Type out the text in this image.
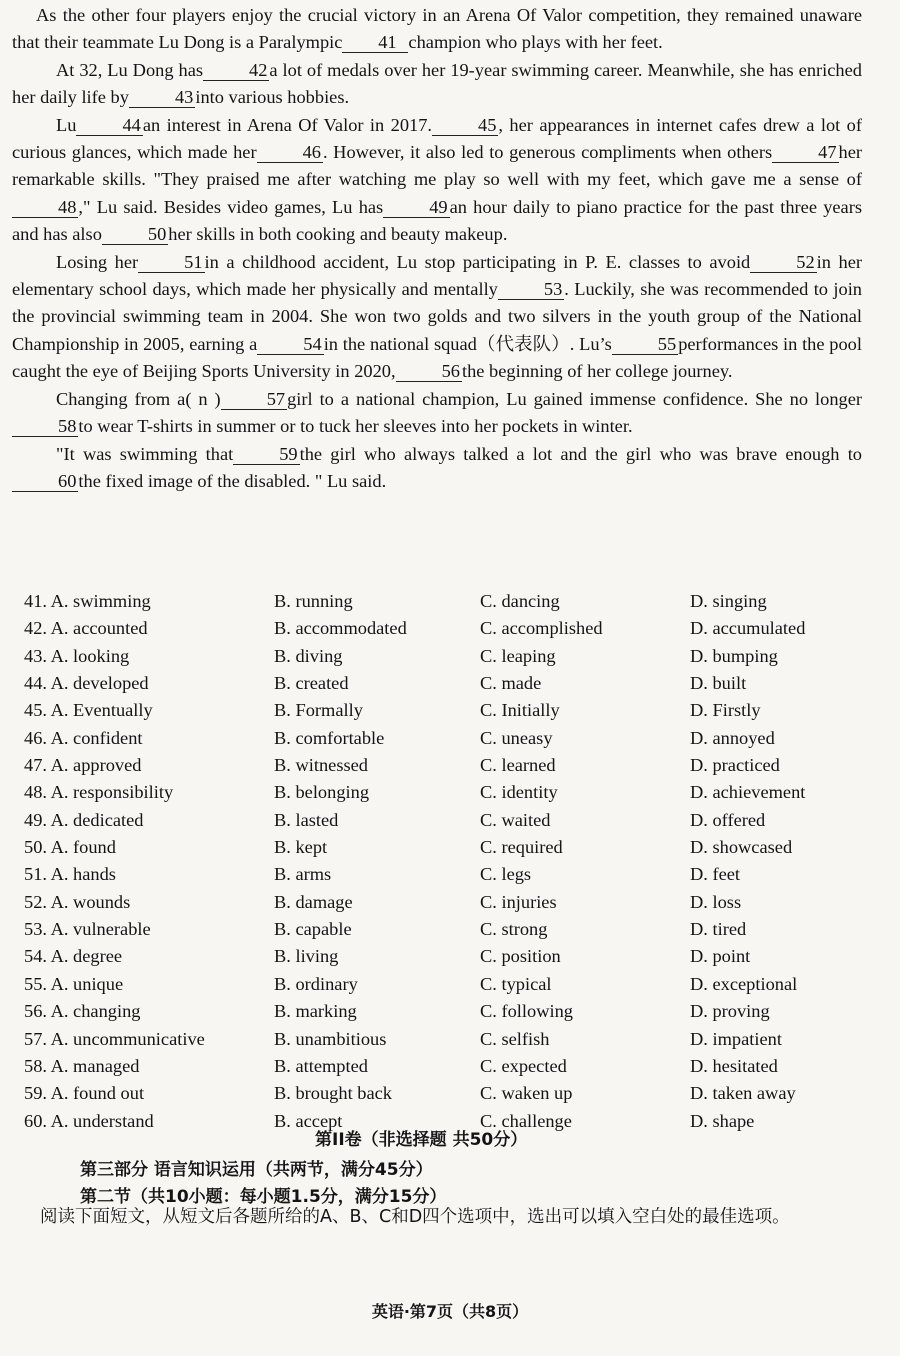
As the other four players enjoy the crucial victory in an Arena Of Valor competition, they remained unaware that their teammate Lu Dong is a Paralympic 41 champion who plays with her feet.

At 32, Lu Dong has	42 a lot of medals over her 19-year swimming career. Meanwhile, she has enriched her daily life by	43 into various hobbies.

Lu	44 an interest in Arena Of Valor in 2017.	45 , her appearances in internet cafes drew a lot of curious glances, which made her	46 . However, it also led to generous compliments when others	47 her remarkable skills. "They praised me after watching me play so well with my feet, which gave me a sense of48 ," Lu said. Besides video games, Lu has	49 an hour daily to piano practice for the past three years and has also	50 her skills in both cooking and beauty makeup.

Losing her	51 in a childhood accident, Lu stop participating in P. E. classes to avoid	52 in her elementary school days, which made her physically and mentally	53 . Luckily, she was recommended to join the provincial swimming team in 2004. She won two golds and two silvers in the youth group of the National Championship in 2005, earning a	54 in the national squad（代表队）. Lu’s	55 performances in the pool caught the eye of Beijing Sports University in 2020,	56 the beginning of her college journey.

Changing from a( n )	57 girl to a national champion, Lu gained immense confidence. She no longer58 to wear T-shirts in summer or to tuck her sleeves into her pockets in winter.

"It was swimming that	59 the girl who always talked a lot and the girl who was brave enough to60 the fixed image of the disabled. " Lu said.

41. A. swimming	B. running	C. dancing	D. singing
42. A. accounted	B. accommodated	C. accomplished	D. accumulated
43. A. looking	B. diving	C. leaping	D. bumping
44. A. developed	B. created	C. made	D. built
45. A. Eventually	B. Formally	C. Initially	D. Firstly
46. A. confident	B. comfortable	C. uneasy	D. annoyed
47. A. approved	B. witnessed	C. learned	D. practiced
48. A. responsibility	B. belonging	C. identity	D. achievement
49. A. dedicated	B. lasted	C. waited	D. offered
50. A. found	B. kept	C. required	D. showcased
51. A. hands	B. arms	C. legs	D. feet
52. A. wounds	B. damage	C. injuries	D. loss
53. A. vulnerable	B. capable	C. strong	D. tired
54. A. degree	B. living	C. position	D. point
55. A. unique	B. ordinary	C. typical	D. exceptional
56. A. changing	B. marking	C. following	D. proving
57. A. uncommunicative	B. unambitious	C. selfish	D. impatient
58. A. managed	B. attempted	C. expected	D. hesitated
59. A. found out	B. brought back	C. waken up	D. taken away
60. A. understand	B. accept	C. challenge	D. shape
第II卷（非选择题 共50分）
第三部分 语言知识运用（共两节，满分45分）
第二节（共10小题：每小题1.5分，满分15分）
阅读下面短文，从短文后各题所给的A、B、C和D四个选项中，选出可以填入空白处的最佳选项。
英语·第7页（共8页）
